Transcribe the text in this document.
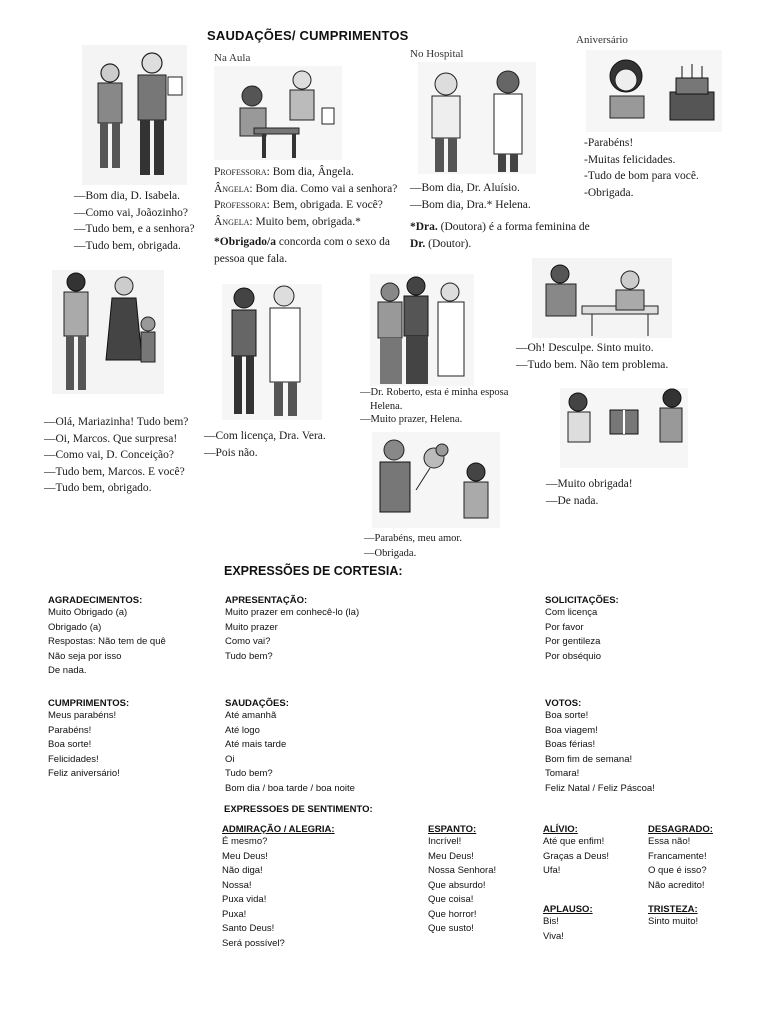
SAUDAÇÕES/ CUMPRIMENTOS
Na Aula	No Hospital
Aniversário
—Bom dia, D. Isabela.
—Como vai, Joãozinho?
—Tudo bem, e a senhora?
—Tudo bem, obrigada.
Professora: Bom dia, Ângela.
Ângela: Bom dia. Como vai a senhora?
Professora: Bem, obrigada. E você?
Ângela: Muito bem, obrigada.*
*Obrigado/a concorda com o sexo da
pessoa que fala.
—Bom dia, Dr. Aluísio.
—Bom dia, Dra.* Helena.
*Dra. (Doutora) é a forma feminina de
Dr. (Doutor).
-Parabéns!
-Muitas felicidades.
-Tudo de bom para você.
-Obrigada.
—Olá, Mariazinha! Tudo bem?
—Oi, Marcos. Que surpresa!
—Como vai, D. Conceição?
—Tudo bem, Marcos. E você?
—Tudo bem, obrigado.
—Com licença, Dra. Vera.
—Pois não.
—Dr. Roberto, esta é minha esposa
Helena.
—Muito prazer, Helena.
—Oh! Desculpe. Sinto muito.
—Tudo bem. Não tem problema.
—Muito obrigada!
—De nada.
—Parabéns, meu amor.
—Obrigada.
EXPRESSÕES DE CORTESIA:
AGRADECIMENTOS:
Muito Obrigado (a)
Obrigado (a)
Respostas: Não tem de quê
Não seja por isso
De nada.
APRESENTAÇÃO:
Muito prazer em conhecê-lo (la)
Muito prazer
Como vai?
Tudo bem?
SOLICITAÇÕES:
Com licença
Por favor
Por gentileza
Por obséquio
CUMPRIMENTOS:
Meus parabéns!
Parabéns!
Boa sorte!
Felicidades!
Feliz aniversário!
SAUDAÇÕES:
Até amanhã
Até logo
Até mais tarde
Oi
Tudo bem?
Bom dia / boa tarde / boa noite
VOTOS:
Boa sorte!
Boa viagem!
Boas férias!
Bom fim de semana!
Tomara!
Feliz Natal / Feliz Páscoa!
EXPRESSOES DE SENTIMENTO:
ADMIRAÇÃO / ALEGRIA:
É mesmo?
Meu Deus!
Não diga!
Nossa!
Puxa vida!
Puxa!
Santo Deus!
Será possível?
ESPANTO:
Incrível!
Meu Deus!
Nossa Senhora!
Que absurdo!
Que coisa!
Que horror!
Que susto!
ALÍVIO:
Até que enfim!
Graças a Deus!
Ufa!
DESAGRADO:
Essa não!
Francamente!
O que é isso?
Não acredito!
APLAUSO:
Bis!
Viva!
TRISTEZA:
Sinto muito!
